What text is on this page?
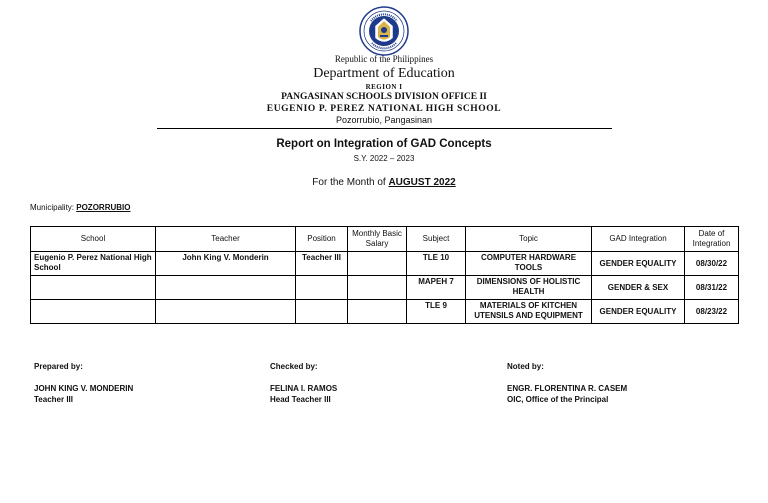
Republic of the Philippines
Department of Education
REGION I
PANGASINAN SCHOOLS DIVISION OFFICE II
EUGENIO P. PEREZ NATIONAL HIGH SCHOOL
Pozorrubio, Pangasinan
Report on Integration of GAD Concepts
S.Y. 2022 – 2023
For the Month of AUGUST 2022
Municipality: POZORRUBIO
School	Teacher	Position	Monthly Basic Salary	Subject	Topic	GAD Integration	Date of Integration
Eugenio P. Perez National High School	John King V. Monderin	Teacher III		TLE 10	COMPUTER HARDWARE TOOLS	GENDER EQUALITY	08/30/22
				MAPEH 7	DIMENSIONS OF HOLISTIC HEALTH	GENDER & SEX	08/31/22
				TLE 9	MATERIALS OF KITCHEN UTENSILS AND EQUIPMENT	GENDER EQUALITY	08/23/22
Prepared by:
JOHN KING V. MONDERIN
Teacher III
Checked by:
FELINA I. RAMOS
Head Teacher III
Noted by:
ENGR. FLORENTINA R. CASEM
OIC, Office of the Principal
